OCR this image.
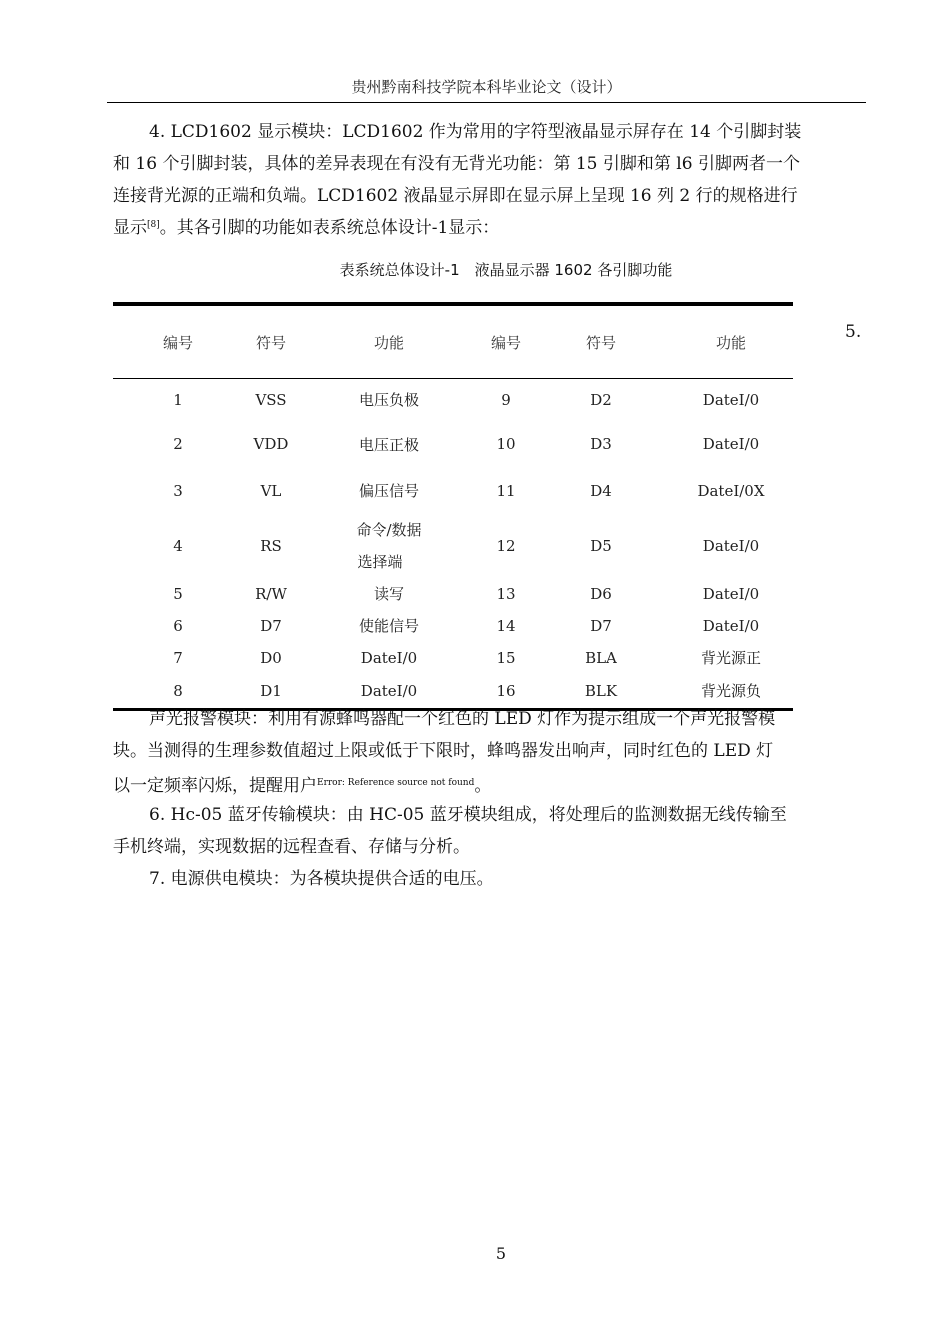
贵州黔南科技学院本科毕业论文（设计）
4. LCD1602 显示模块：LCD1602 作为常用的字符型液晶显示屏存在 14 个引脚封装
和 16 个引脚封装，具体的差异表现在有没有无背光功能：第 15 引脚和第 l6 引脚两者一个
连接背光源的正端和负端。LCD1602 液晶显示屏即在显示屏上呈现 16 列 2 行的规格进行
显示[8]。其各引脚的功能如表系统总体设计-1显示：
表系统总体设计-1　液晶显示器 1602 各引脚功能
5.
编号	符号	功能	编号	符号	功能
1	VSS	电压负极	9	D2	DateI/0
2	VDD	电压正极	10	D3	DateI/0
3	VL	偏压信号	11	D4	DateI/0X
4	RS	命令/数据
选择端	12	D5	DateI/0
5	R/W	读写	13	D6	DateI/0
6	D7	使能信号	14	D7	DateI/0
7	D0	DateI/0	15	BLA	背光源正
8	D1	DateI/0	16	BLK	背光源负
声光报警模块：利用有源蜂鸣器配一个红色的 LED 灯作为提示组成一个声光报警模
块。当测得的生理参数值超过上限或低于下限时，蜂鸣器发出响声，同时红色的 LED 灯
以一定频率闪烁，提醒用户$^{Error: Reference source not found}$。
6. Hc-05 蓝牙传输模块：由 HC-05 蓝牙模块组成，将处理后的监测数据无线传输至
手机终端，实现数据的远程查看、存储与分析。
7. 电源供电模块：为各模块提供合适的电压。
5
